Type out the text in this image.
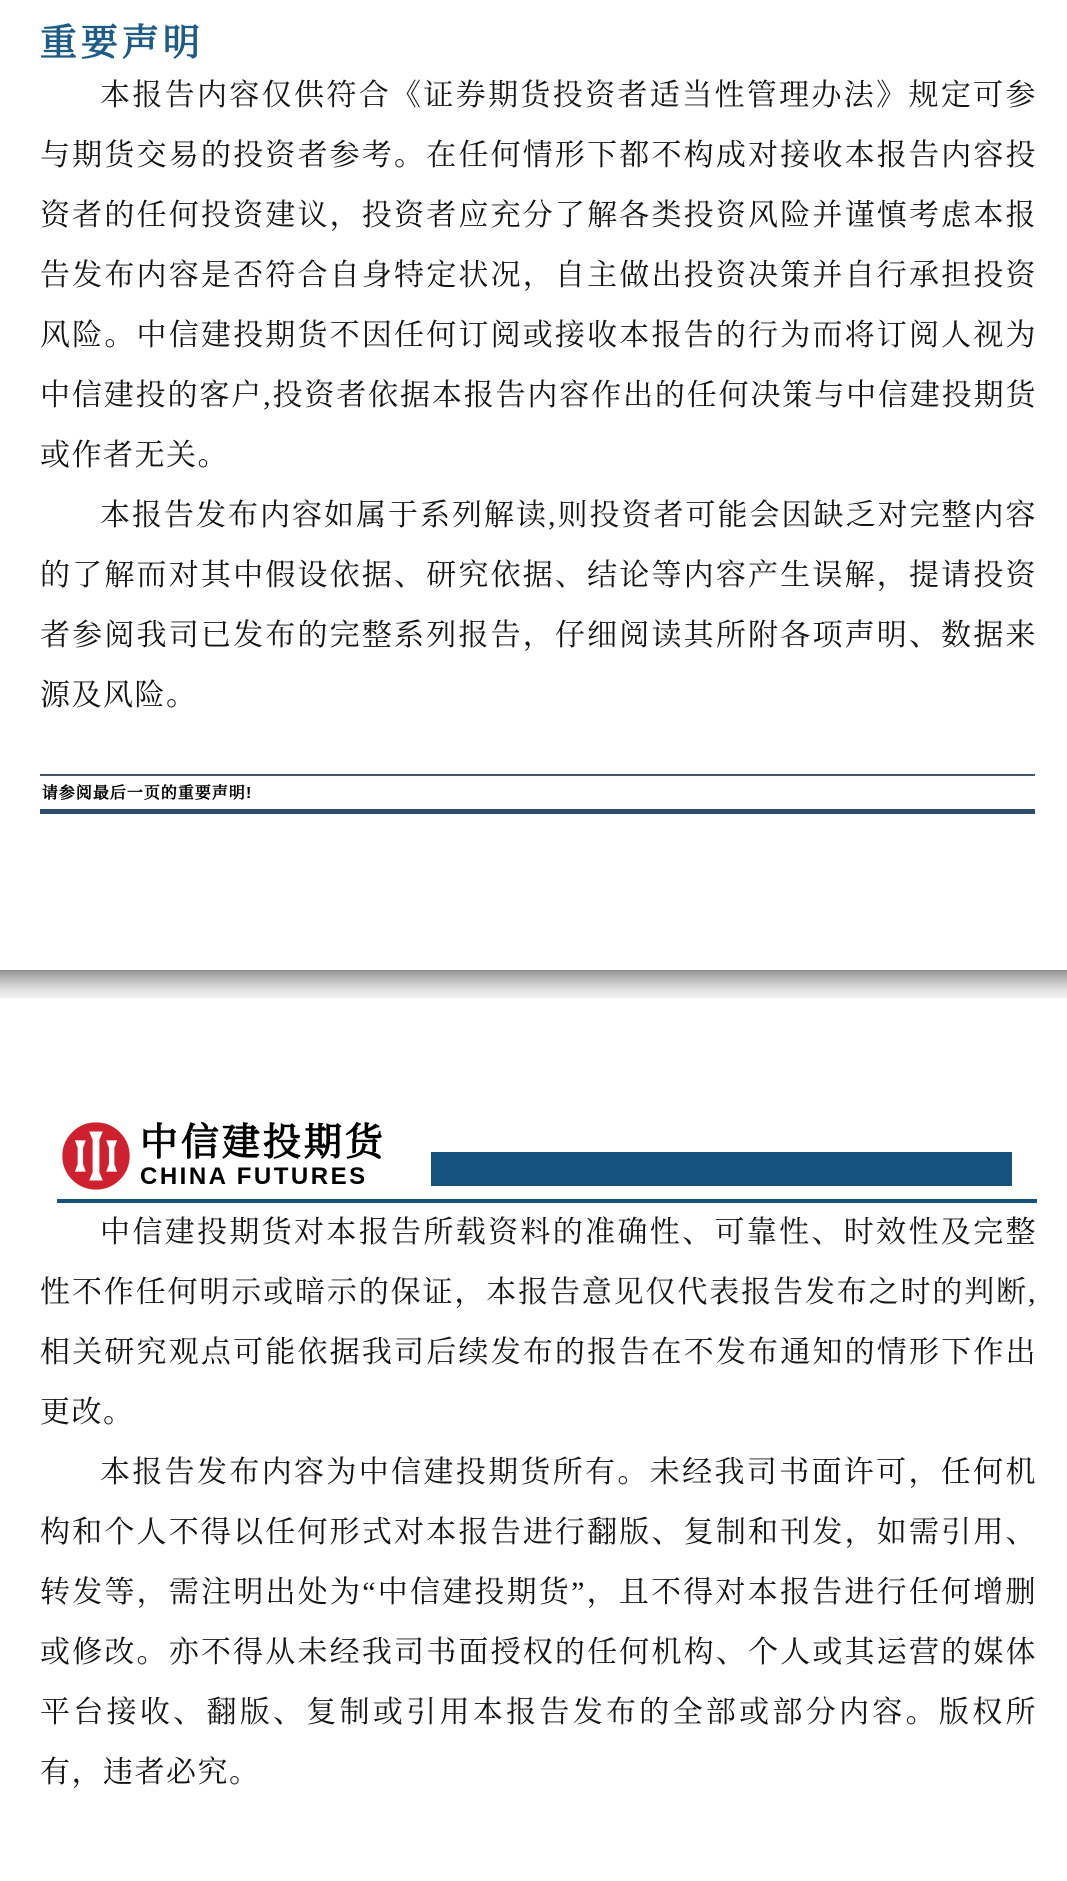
重要声明

本报告内容仅供符合《证券期货投资者适当性管理办法》规定可参与期货交易的投资者参考。在任何情形下都不构成对接收本报告内容投资者的任何投资建议，投资者应充分了解各类投资风险并谨慎考虑本报告发布内容是否符合自身特定状况，自主做出投资决策并自行承担投资风险。中信建投期货不因任何订阅或接收本报告的行为而将订阅人视为中信建投的客户,投资者依据本报告内容作出的任何决策与中信建投期货或作者无关。

本报告发布内容如属于系列解读,则投资者可能会因缺乏对完整内容的了解而对其中假设依据、研究依据、结论等内容产生误解，提请投资者参阅我司已发布的完整系列报告，仔细阅读其所附各项声明、数据来源及风险。

请参阅最后一页的重要声明!
中信建投期货
CHINA FUTURES

中信建投期货对本报告所载资料的准确性、可靠性、时效性及完整性不作任何明示或暗示的保证，本报告意见仅代表报告发布之时的判断,相关研究观点可能依据我司后续发布的报告在不发布通知的情形下作出更改。

本报告发布内容为中信建投期货所有。未经我司书面许可，任何机构和个人不得以任何形式对本报告进行翻版、复制和刊发，如需引用、转发等，需注明出处为“中信建投期货”，且不得对本报告进行任何增删或修改。亦不得从未经我司书面授权的任何机构、个人或其运营的媒体平台接收、翻版、复制或引用本报告发布的全部或部分内容。版权所有，违者必究。
